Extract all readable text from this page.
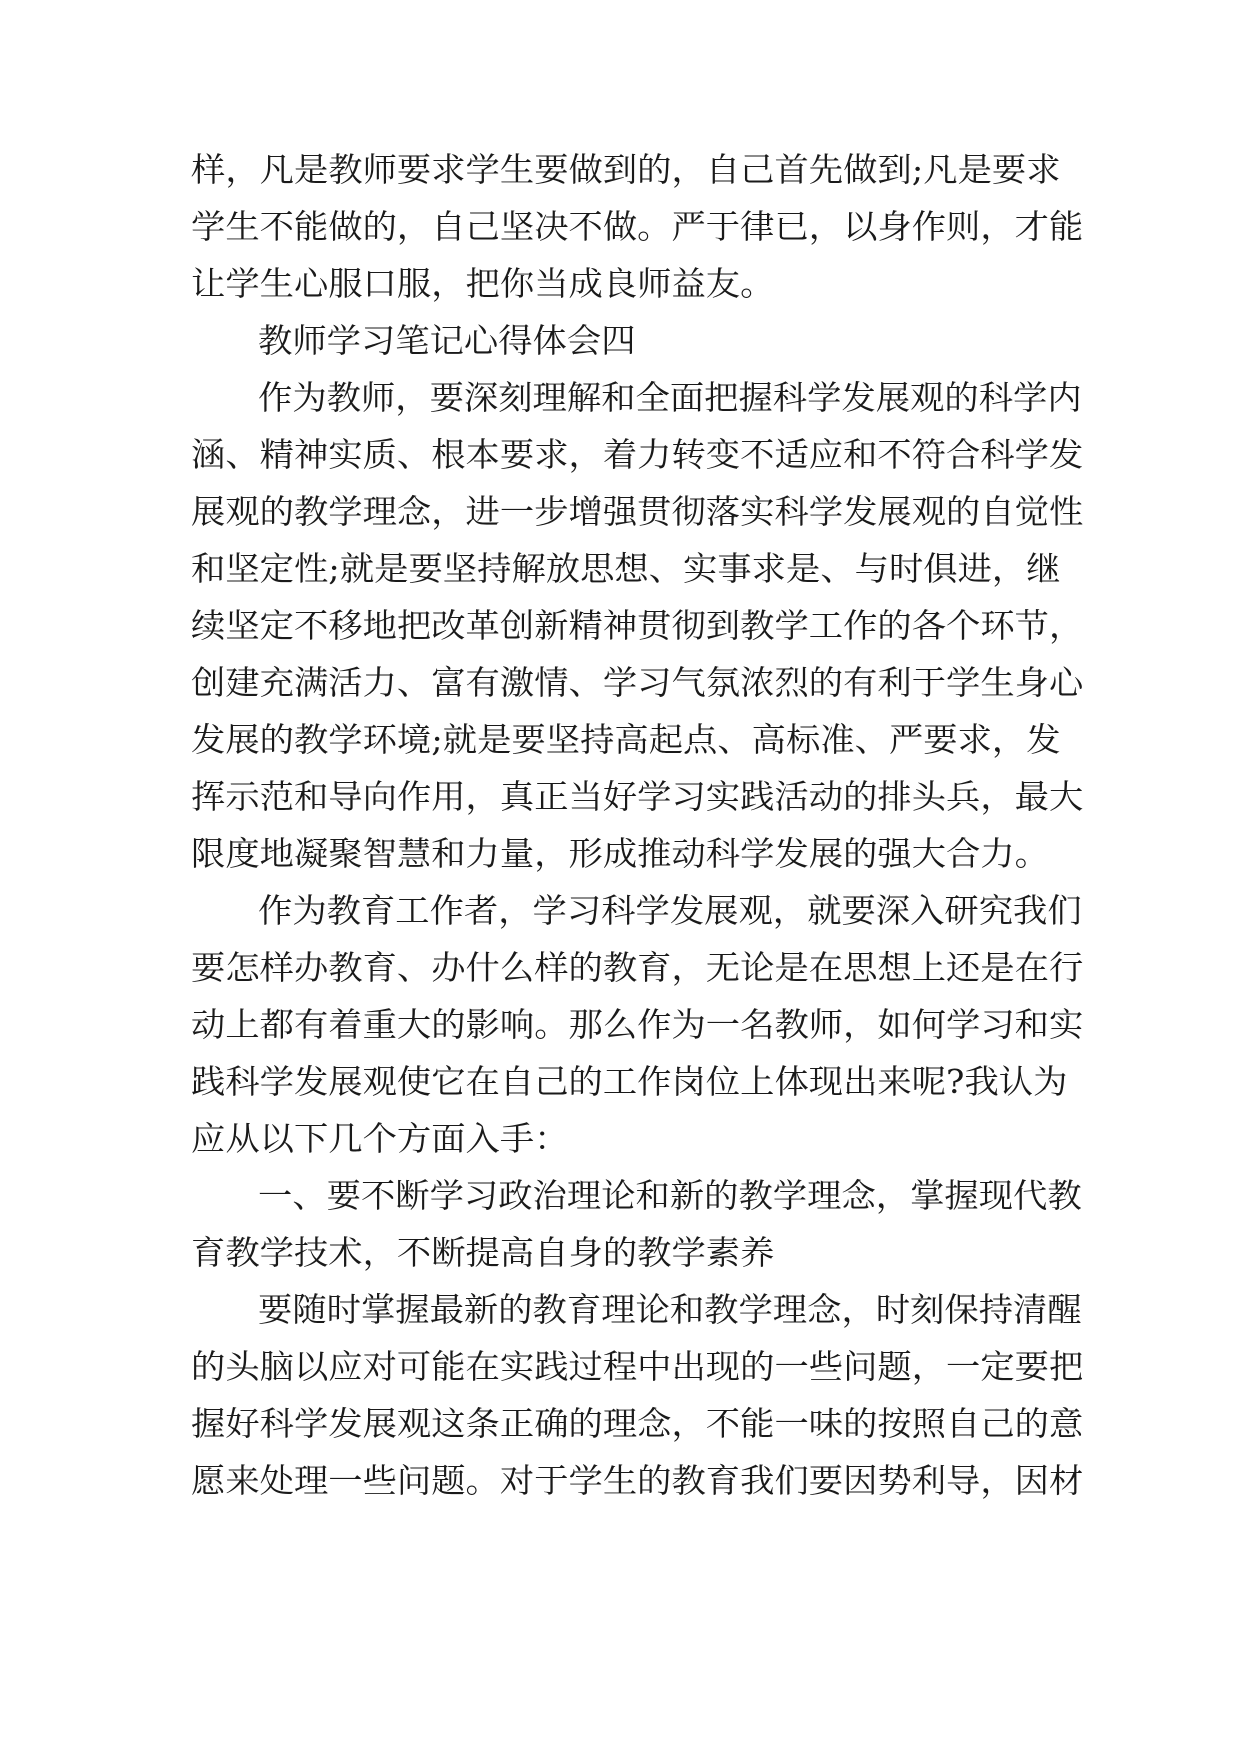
样，凡是教师要求学生要做到的，自己首先做到;凡是要求

学生不能做的，自己坚决不做。严于律已，以身作则，才能

让学生心服口服，把你当成良师益友。

教师学习笔记心得体会四

作为教师，要深刻理解和全面把握科学发展观的科学内

涵、精神实质、根本要求，着力转变不适应和不符合科学发

展观的教学理念，进一步增强贯彻落实科学发展观的自觉性

和坚定性;就是要坚持解放思想、实事求是、与时俱进，继

续坚定不移地把改革创新精神贯彻到教学工作的各个环节，

创建充满活力、富有激情、学习气氛浓烈的有利于学生身心

发展的教学环境;就是要坚持高起点、高标准、严要求，发

挥示范和导向作用，真正当好学习实践活动的排头兵，最大

限度地凝聚智慧和力量，形成推动科学发展的强大合力。

作为教育工作者，学习科学发展观，就要深入研究我们

要怎样办教育、办什么样的教育，无论是在思想上还是在行

动上都有着重大的影响。那么作为一名教师，如何学习和实

践科学发展观使它在自己的工作岗位上体现出来呢?我认为

应从以下几个方面入手：

一、要不断学习政治理论和新的教学理念，掌握现代教

育教学技术，不断提高自身的教学素养

要随时掌握最新的教育理论和教学理念，时刻保持清醒

的头脑以应对可能在实践过程中出现的一些问题，一定要把

握好科学发展观这条正确的理念，不能一味的按照自己的意

愿来处理一些问题。对于学生的教育我们要因势利导，因材
